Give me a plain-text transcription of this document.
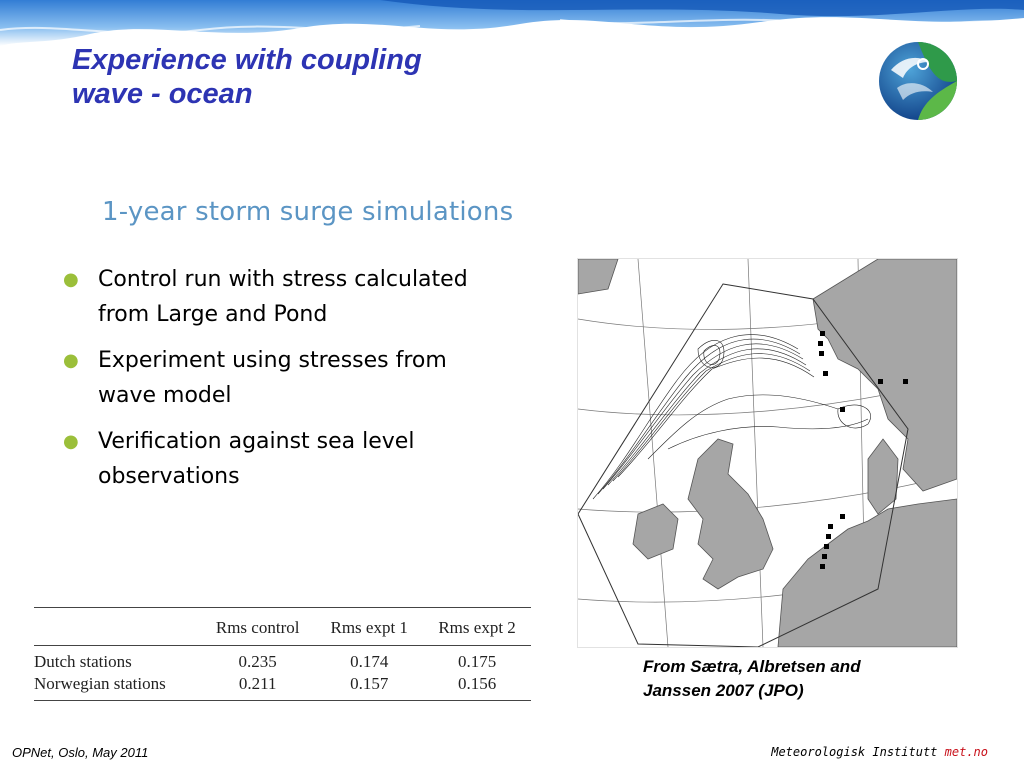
Experience with coupling
wave - ocean
1-year storm surge simulations
● Control run with stress calculated from Large and Pond
● Experiment using stresses from wave model
● Verification against sea level observations

From Sætra, Albretsen and
Janssen 2007 (JPO)

	Rms control	Rms expt 1	Rms expt 2
Dutch stations	0.235	0.174	0.175
Norwegian stations	0.211	0.157	0.156
OPNet, Oslo, May 2011	Meteorologisk Institutt met.no
